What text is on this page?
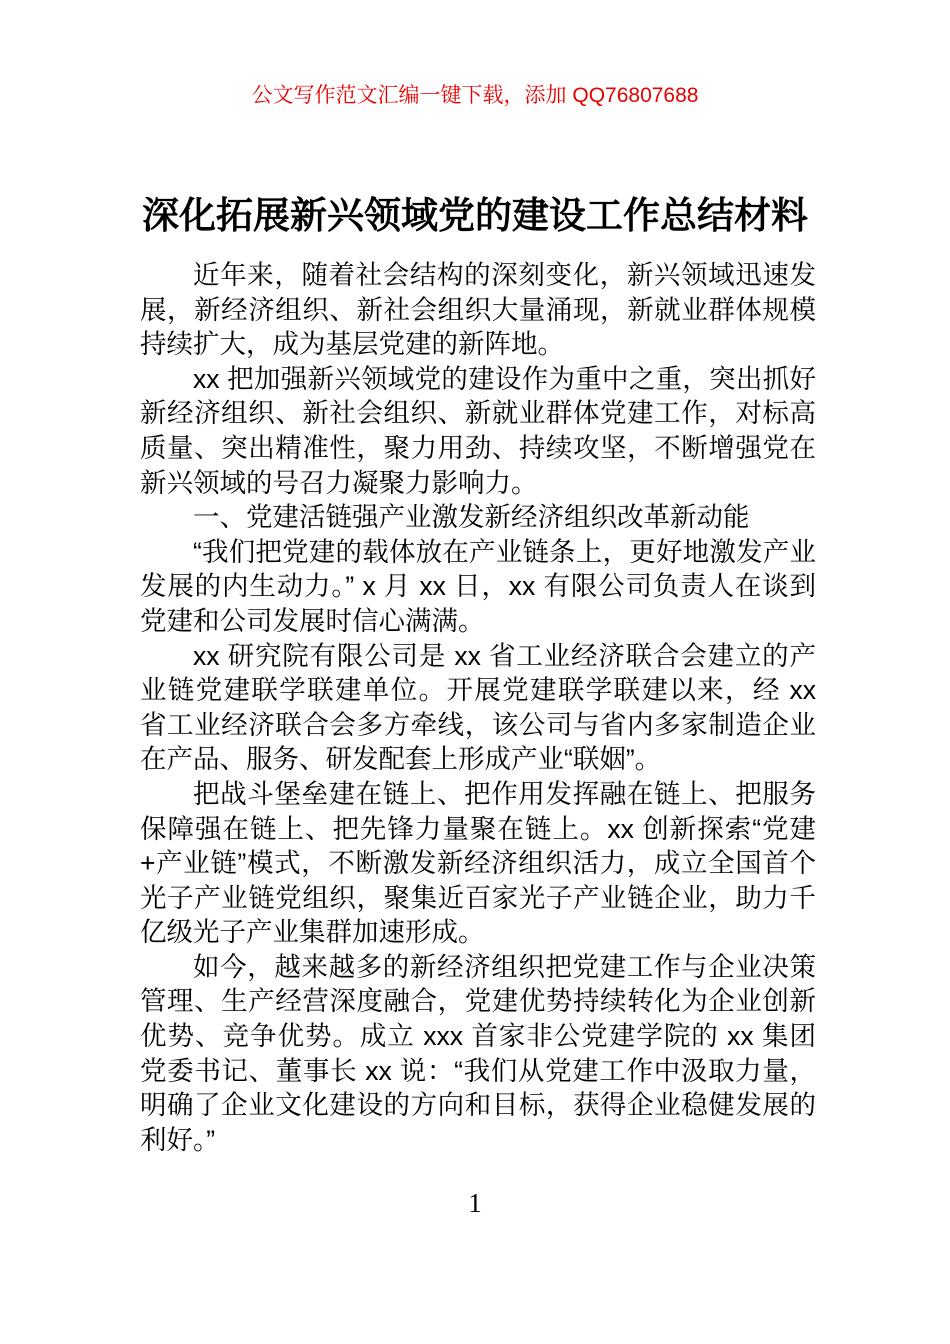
公文写作范文汇编一键下载，添加 QQ76807688
深化拓展新兴领域党的建设工作总结材料

近年来，随着社会结构的深刻变化，新兴领域迅速发展，新经济组织、新社会组织大量涌现，新就业群体规模持续扩大，成为基层党建的新阵地。

xx 把加强新兴领域党的建设作为重中之重，突出抓好新经济组织、新社会组织、新就业群体党建工作，对标高质量、突出精准性，聚力用劲、持续攻坚，不断增强党在新兴领域的号召力凝聚力影响力。

一、党建活链强产业激发新经济组织改革新动能

“我们把党建的载体放在产业链条上，更好地激发产业发展的内生动力。” x 月 xx 日，xx 有限公司负责人在谈到党建和公司发展时信心满满。

xx 研究院有限公司是 xx 省工业经济联合会建立的产业链党建联学联建单位。开展党建联学联建以来，经 xx 省工业经济联合会多方牵线，该公司与省内多家制造企业在产品、服务、研发配套上形成产业“联姻”。

把战斗堡垒建在链上、把作用发挥融在链上、把服务保障强在链上、把先锋力量聚在链上。xx 创新探索“党建+产业链”模式，不断激发新经济组织活力，成立全国首个光子产业链党组织，聚集近百家光子产业链企业，助力千亿级光子产业集群加速形成。

如今，越来越多的新经济组织把党建工作与企业决策管理、生产经营深度融合，党建优势持续转化为企业创新优势、竞争优势。成立 xxx 首家非公党建学院的 xx 集团党委书记、董事长 xx 说：“我们从党建工作中汲取力量，明确了企业文化建设的方向和目标，获得企业稳健发展的利好。”

1
